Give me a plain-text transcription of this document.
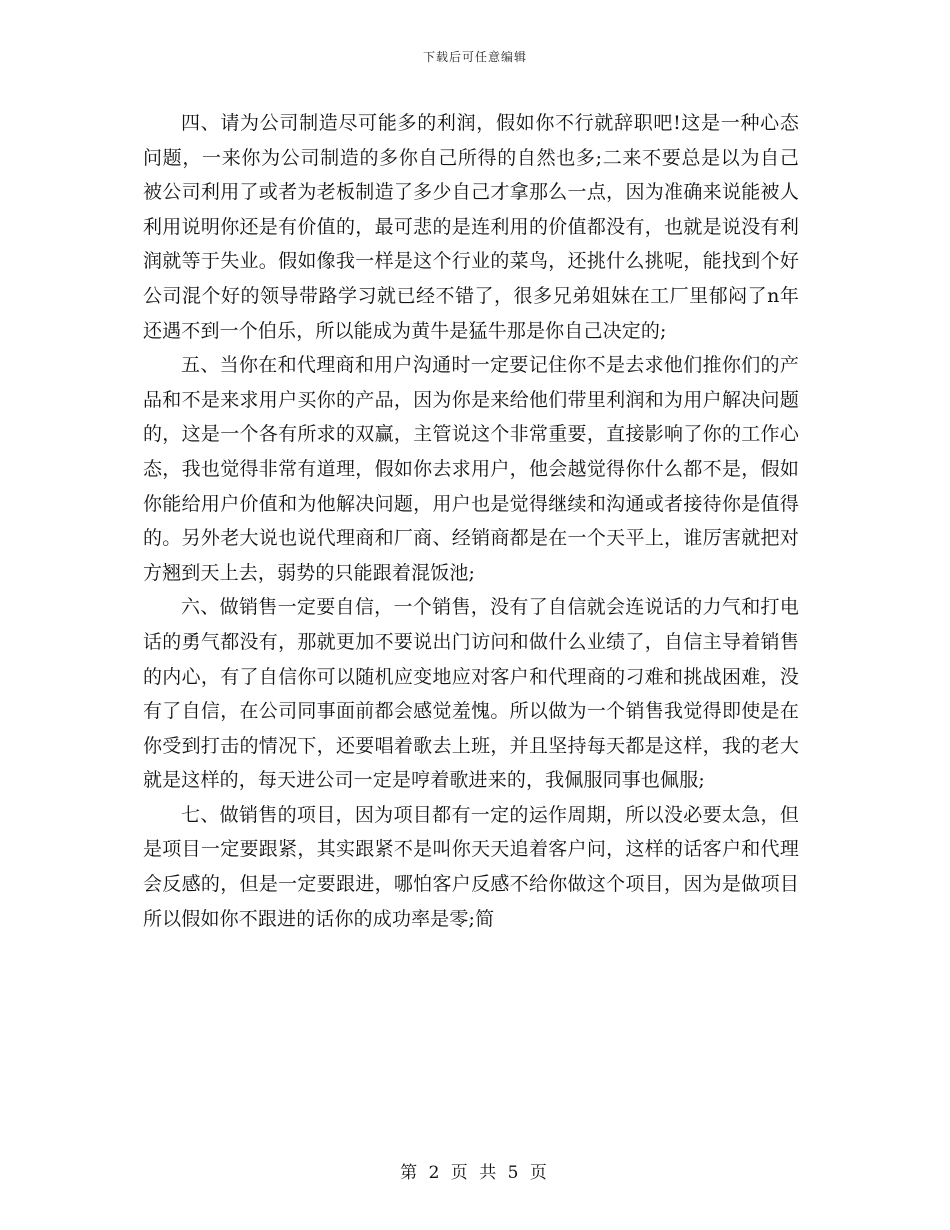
下载后可任意编辑

四、请为公司制造尽可能多的利润，假如你不行就辞职吧!这是一种心态问题，一来你为公司制造的多你自己所得的自然也多;二来不要总是以为自己被公司利用了或者为老板制造了多少自己才拿那么一点，因为准确来说能被人利用说明你还是有价值的，最可悲的是连利用的价值都没有，也就是说没有利润就等于失业。假如像我一样是这个行业的菜鸟，还挑什么挑呢，能找到个好公司混个好的领导带路学习就已经不错了，很多兄弟姐妹在工厂里郁闷了n年还遇不到一个伯乐，所以能成为黄牛是猛牛那是你自己决定的;

五、当你在和代理商和用户沟通时一定要记住你不是去求他们推你们的产品和不是来求用户买你的产品，因为你是来给他们带里利润和为用户解决问题的，这是一个各有所求的双赢，主管说这个非常重要，直接影响了你的工作心态，我也觉得非常有道理，假如你去求用户，他会越觉得你什么都不是，假如你能给用户价值和为他解决问题，用户也是觉得继续和沟通或者接待你是值得的。另外老大说也说代理商和厂商、经销商都是在一个天平上，谁厉害就把对方翘到天上去，弱势的只能跟着混饭池;

六、做销售一定要自信，一个销售，没有了自信就会连说话的力气和打电话的勇气都没有，那就更加不要说出门访问和做什么业绩了，自信主导着销售的内心，有了自信你可以随机应变地应对客户和代理商的刁难和挑战困难，没有了自信，在公司同事面前都会感觉羞愧。所以做为一个销售我觉得即使是在你受到打击的情况下，还要唱着歌去上班，并且坚持每天都是这样，我的老大就是这样的，每天进公司一定是哼着歌进来的，我佩服同事也佩服;

七、做销售的项目，因为项目都有一定的运作周期，所以没必要太急，但是项目一定要跟紧，其实跟紧不是叫你天天追着客户问，这样的话客户和代理会反感的，但是一定要跟进，哪怕客户反感不给你做这个项目，因为是做项目所以假如你不跟进的话你的成功率是零;简

第 2 页 共 5 页
